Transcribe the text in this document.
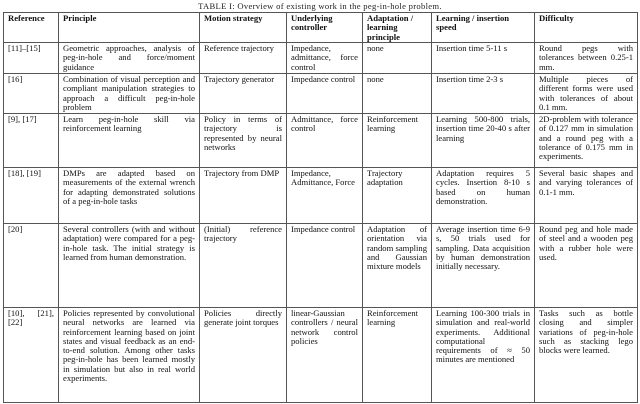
TABLE I: Overview of existing work in the peg-in-hole problem.
Reference	Principle	Motion strategy	Underlying controller	Adaptation / learning principle	Learning / insertion speed	Difficulty
[11]–[15]	Geometric approaches, analysis of peg-in-hole and force/moment guidance	Reference trajectory	Impedance, admittance, force control	none	Insertion time 5-11 s	Round pegs with tolerances between 0.25-1 mm.
[16]	Combination of visual perception and compliant manipulation strategies to approach a difficult peg-in-hole problem	Trajectory generator	Impedance control	none	Insertion time 2-3 s	Multiple pieces of different forms were used with tolerances of about 0.1 mm.
[9], [17]	Learn peg-in-hole skill via reinforcement learning	Policy in terms of trajectory is represented by neural networks	Admittance, force control	Reinforcement learning	Learning 500-800 trials, insertion time 20-40 s after learning	2D-problem with tolerance of 0.127 mm in simulation and a round peg with a tolerance of 0.175 mm in experiments.
[18], [19]	DMPs are adapted based on measurements of the external wrench for adapting demonstrated solutions of a peg-in-hole tasks	Trajectory from DMP	Impedance, Admittance, Force	Trajectory adaptation	Adaptation requires 5 cycles. Insertion 8-10 s based on human demonstration.	Several basic shapes and and varying tolerances of 0.1-1 mm.
[20]	Several controllers (with and without adaptation) were compared for a peg-in-hole task. The initial strategy is learned from human demonstration.	(Initial) reference trajectory	Impedance control	Adaptation of orientation via random sampling and Gaussian mixture models	Average insertion time 6-9 s, 50 trials used for sampling. Data acquisition by human demonstration initially necessary.	Round peg and hole made of steel and a wooden peg with a rubber hole were used.
[10], [21], [22]	Policies represented by convolutional neural networks are learned via reinforcement learning based on joint states and visual feedback as an end-to-end solution. Among other tasks peg-in-hole has been learned mostly in simulation but also in real world experiments.	Policies directly generate joint torques	linear-Gaussian controllers / neural network control policies	Reinforcement learning	Learning 100-300 trials in simulation and real-world experiments. Additional computational requirements of ≈ 50 minutes are mentioned	Tasks such as bottle closing and simpler variations of peg-in-hole such as stacking lego blocks were learned.
